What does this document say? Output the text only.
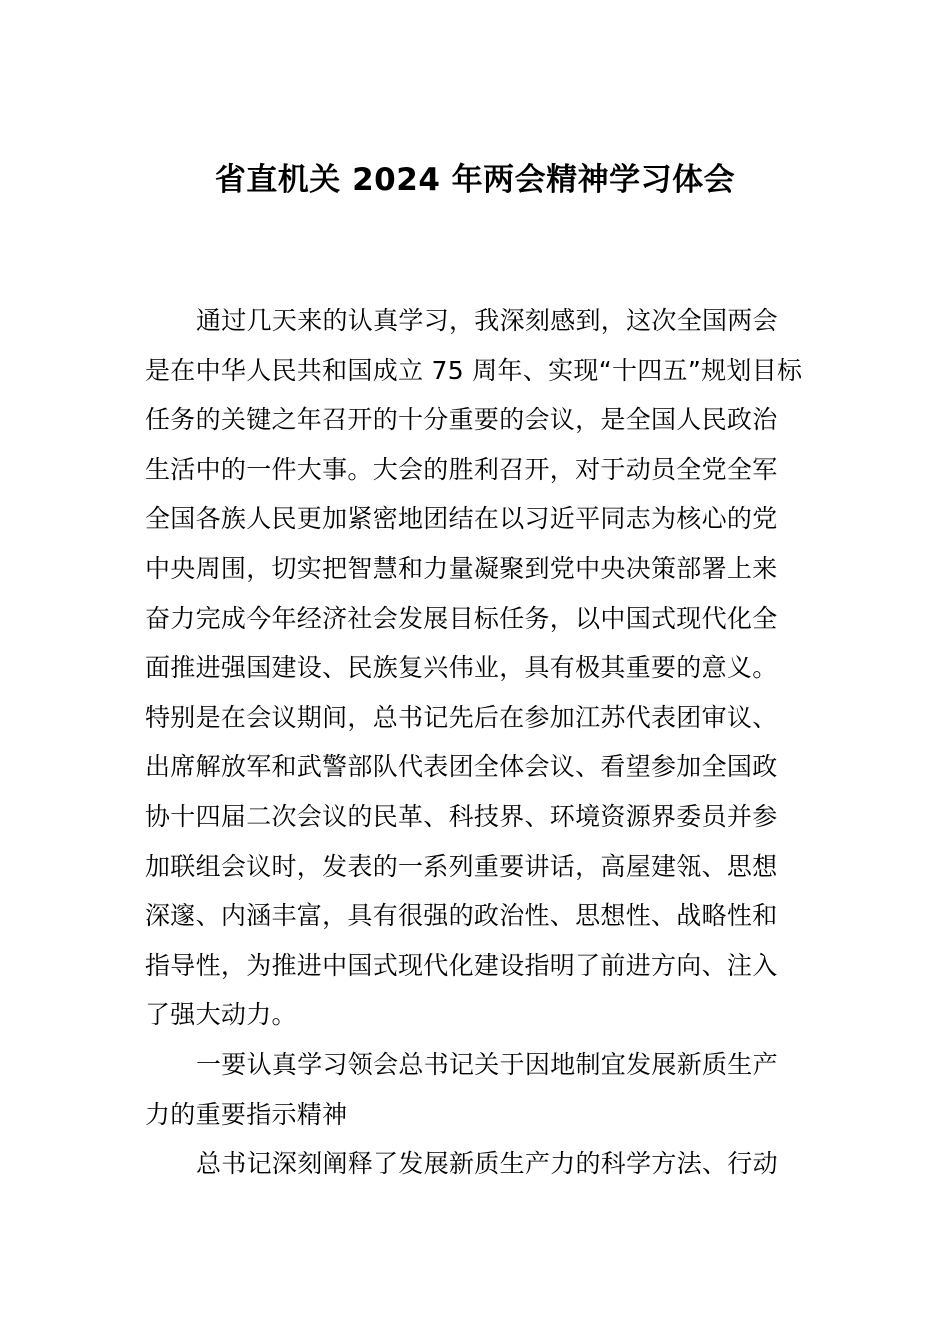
省直机关 2024 年两会精神学习体会
通过几天来的认真学习，我深刻感到，这次全国两会
是在中华人民共和国成立 75 周年、实现“十四五”规划目标
任务的关键之年召开的十分重要的会议，是全国人民政治
生活中的一件大事。大会的胜利召开，对于动员全党全军
全国各族人民更加紧密地团结在以习近平同志为核心的党
中央周围，切实把智慧和力量凝聚到党中央决策部署上来
奋力完成今年经济社会发展目标任务，以中国式现代化全
面推进强国建设、民族复兴伟业，具有极其重要的意义。
特别是在会议期间，总书记先后在参加江苏代表团审议、
出席解放军和武警部队代表团全体会议、看望参加全国政
协十四届二次会议的民革、科技界、环境资源界委员并参
加联组会议时，发表的一系列重要讲话，高屋建瓴、思想
深邃、内涵丰富，具有很强的政治性、思想性、战略性和
指导性，为推进中国式现代化建设指明了前进方向、注入
了强大动力。
一要认真学习领会总书记关于因地制宜发展新质生产
力的重要指示精神
总书记深刻阐释了发展新质生产力的科学方法、行动
